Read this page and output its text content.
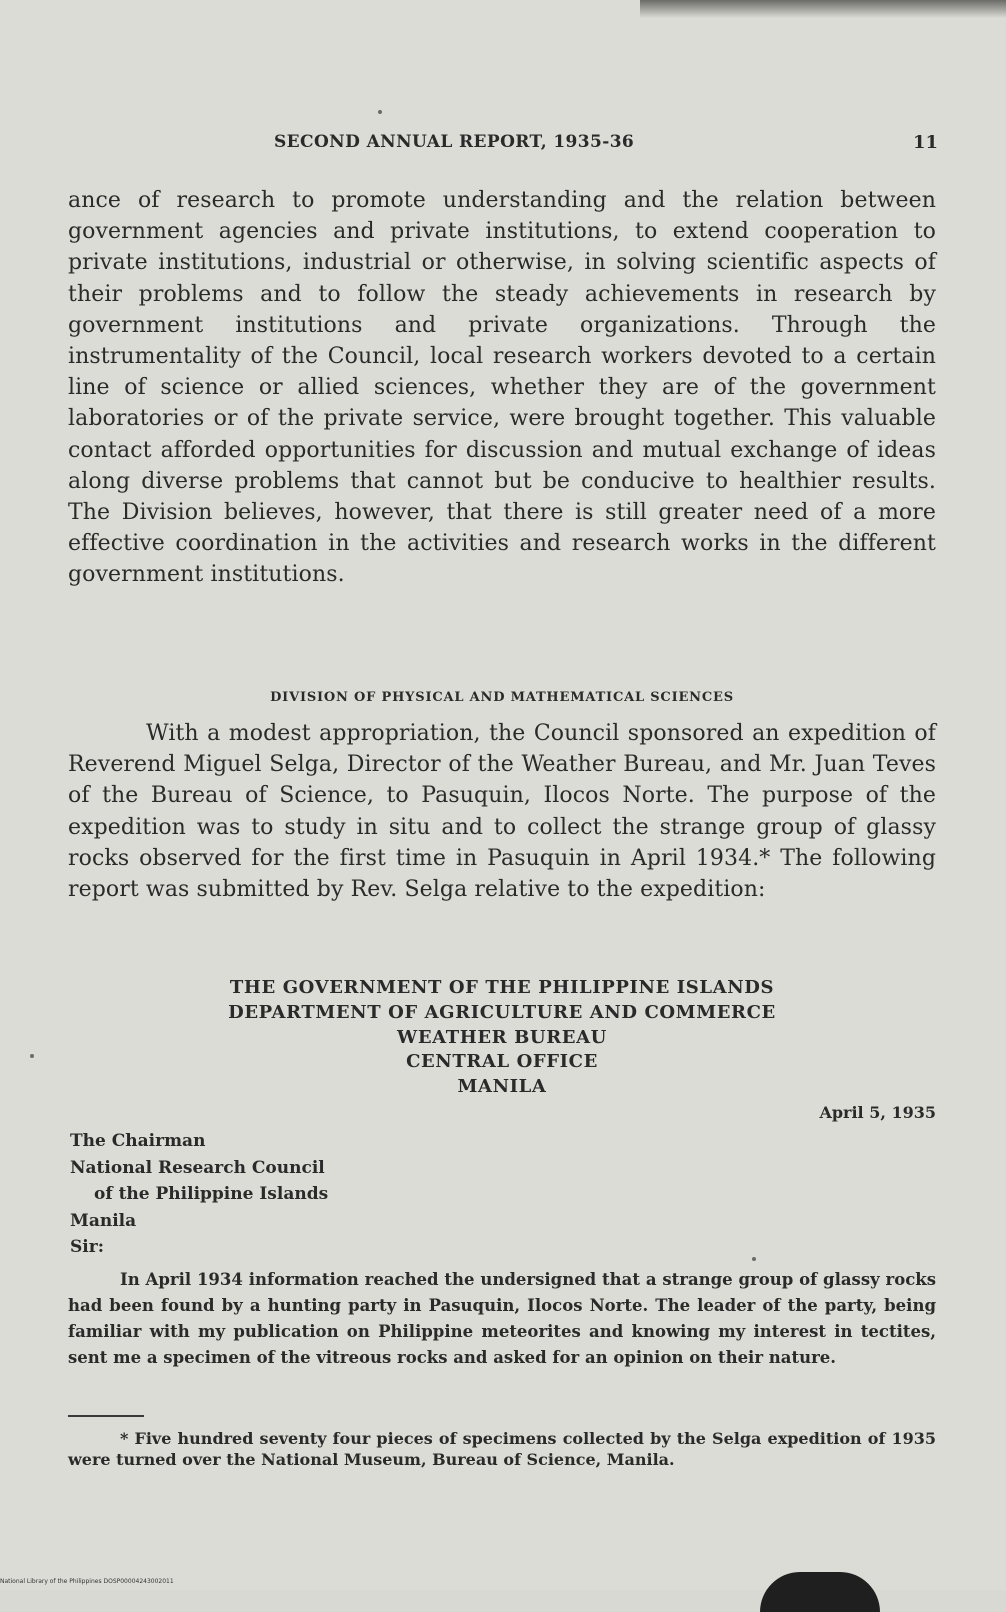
SECOND ANNUAL REPORT, 1935-36	11

ance of research to promote understanding and the relation between government agencies and private institutions, to extend cooperation to private institutions, industrial or otherwise, in solving scientific aspects of their problems and to follow the steady achievements in research by government institutions and private organizations. Through the instrumentality of the Council, local research workers devoted to a certain line of science or allied sciences, whether they are of the government laboratories or of the private service, were brought together. This valuable contact afforded opportunities for discussion and mutual exchange of ideas along diverse problems that cannot but be conducive to healthier results. The Division believes, however, that there is still greater need of a more effective coordination in the activities and research works in the different government institutions.

DIVISION OF PHYSICAL AND MATHEMATICAL SCIENCES

With a modest appropriation, the Council sponsored an expedition of Reverend Miguel Selga, Director of the Weather Bureau, and Mr. Juan Teves of the Bureau of Science, to Pasuquin, Ilocos Norte. The purpose of the expedition was to study in situ and to collect the strange group of glassy rocks observed for the first time in Pasuquin in April 1934.* The following report was submitted by Rev. Selga relative to the expedition:

THE GOVERNMENT OF THE PHILIPPINE ISLANDS
DEPARTMENT OF AGRICULTURE AND COMMERCE
WEATHER BUREAU
CENTRAL OFFICE
MANILA
April 5, 1935
The Chairman
National Research Council
of the Philippine Islands
Manila
Sir:

In April 1934 information reached the undersigned that a strange group of glassy rocks had been found by a hunting party in Pasuquin, Ilocos Norte. The leader of the party, being familiar with my publication on Philippine meteorites and knowing my interest in tectites, sent me a specimen of the vitreous rocks and asked for an opinion on their nature.

* Five hundred seventy four pieces of specimens collected by the Selga expedition of 1935 were turned over the National Museum, Bureau of Science, Manila.

National Library of the Philippines DOSP00004243002011
